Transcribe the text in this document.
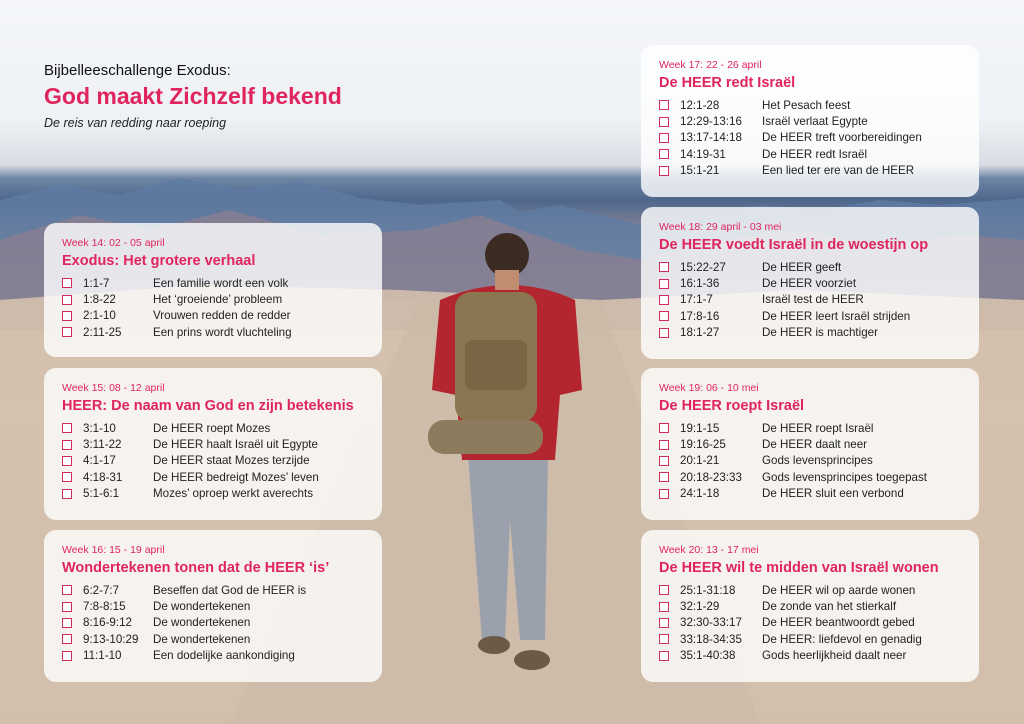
Bijbelleeschallenge Exodus:
God maakt Zichzelf bekend
De reis van redding naar roeping
Week 14: 02 - 05 april
Exodus: Het grotere verhaal
1:1-7	Een familie wordt een volk
1:8-22	Het ‘groeiende’ probleem
2:1-10	Vrouwen redden de redder
2:11-25	Een prins wordt vluchteling
Week 15: 08 - 12 april
HEER: De naam van God en zijn betekenis
3:1-10	De HEER roept Mozes
3:11-22	De HEER haalt Israël uit Egypte
4:1-17	De HEER staat Mozes terzijde
4:18-31	De HEER bedreigt Mozes’ leven
5:1-6:1	Mozes’ oproep werkt averechts
Week 16: 15 - 19 april
Wondertekenen tonen dat de HEER ‘is’
6:2-7:7	Beseffen dat God de HEER is
7:8-8:15	De wondertekenen
8:16-9:12	De wondertekenen
9:13-10:29	De wondertekenen
11:1-10	Een dodelijke aankondiging
Week 17: 22 - 26 april
De HEER redt Israël
12:1-28	Het Pesach feest
12:29-13:16	Israël verlaat Egypte
13:17-14:18	De HEER treft voorbereidingen
14:19-31	De HEER redt Israël
15:1-21	Een lied ter ere van de HEER
Week 18: 29 april - 03 mei
De HEER voedt Israël in de woestijn op
15:22-27	De HEER geeft
16:1-36	De HEER voorziet
17:1-7	Israël test de HEER
17:8-16	De HEER leert Israël strijden
18:1-27	De HEER is machtiger
Week 19: 06 - 10 mei
De HEER roept Israël
19:1-15	De HEER roept Israël
19:16-25	De HEER daalt neer
20:1-21	Gods levensprincipes
20:18-23:33	Gods levensprincipes toegepast
24:1-18	De HEER sluit een verbond
Week 20: 13 - 17 mei
De HEER wil te midden van Israël wonen
25:1-31:18	De HEER wil op aarde wonen
32:1-29	De zonde van het stierkalf
32:30-33:17	De HEER beantwoordt gebed
33:18-34:35	De HEER: liefdevol en genadig
35:1-40:38	Gods heerlijkheid daalt neer
